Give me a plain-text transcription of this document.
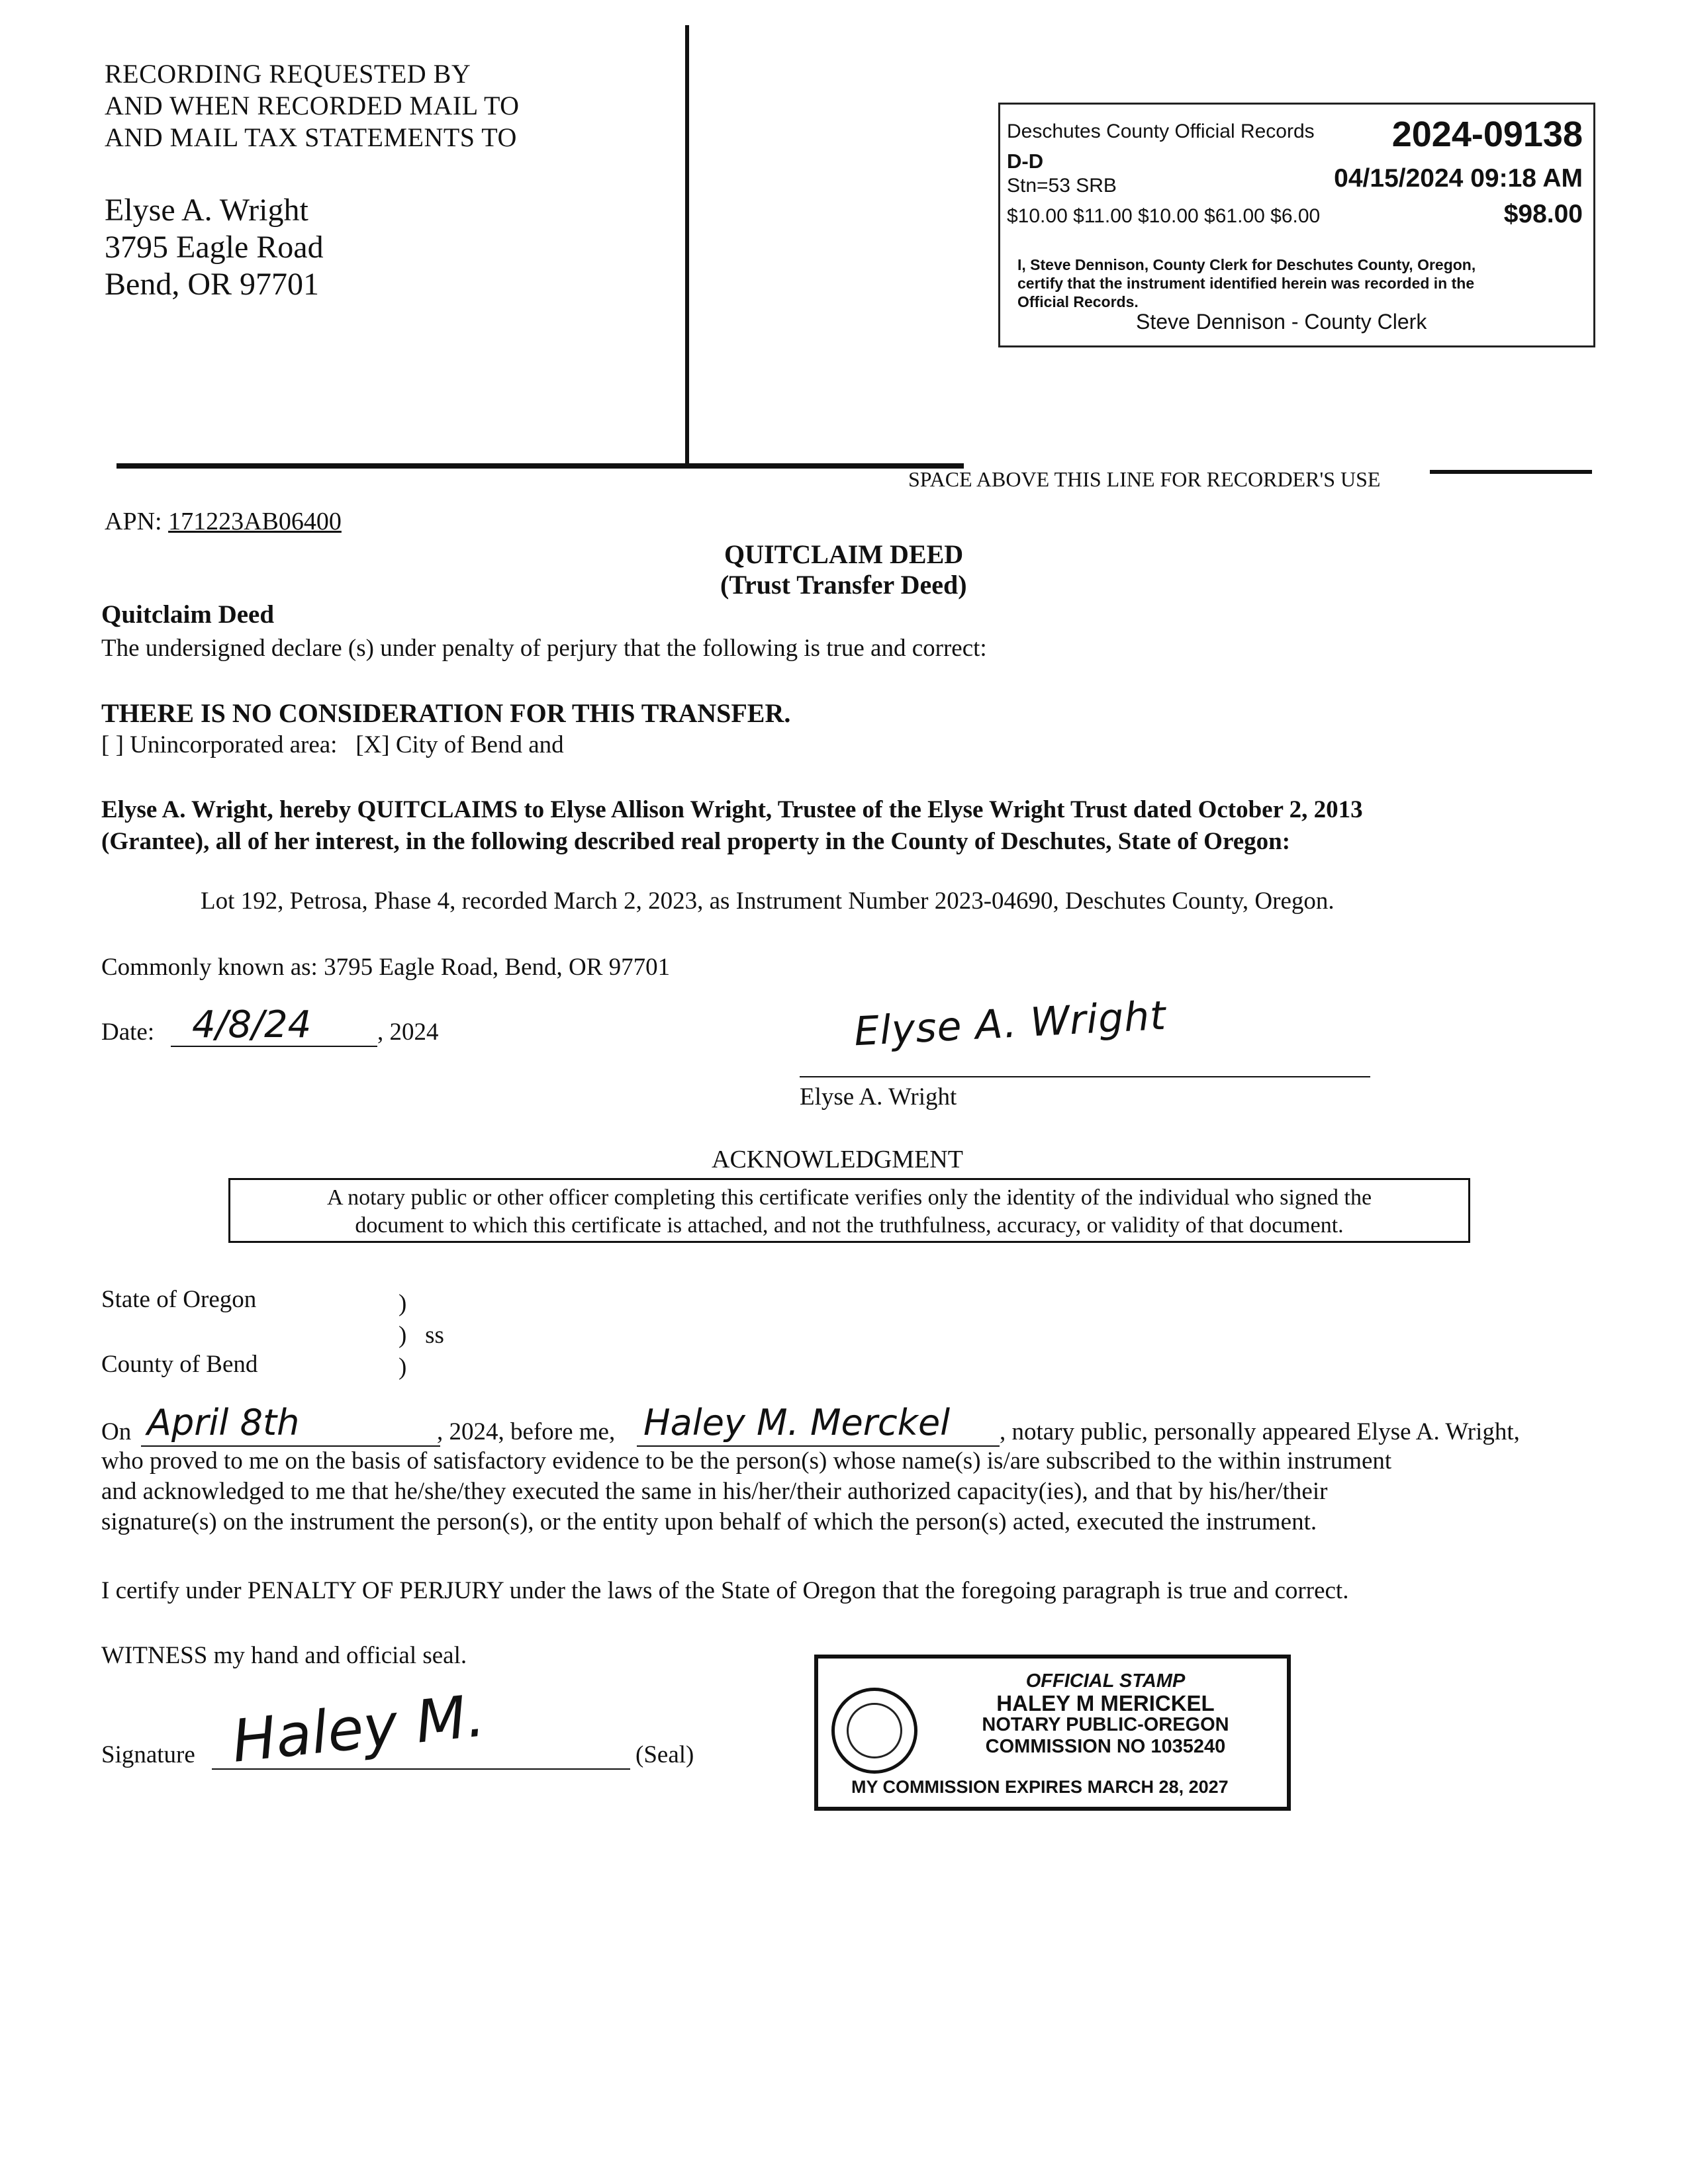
RECORDING REQUESTED BY
AND WHEN RECORDED MAIL TO
AND MAIL TAX STATEMENTS TO
Elyse A. Wright
3795 Eagle Road
Bend, OR 97701
Deschutes County Official Records 2024-09138
D-D
Stn=53 SRB	04/15/2024 09:18 AM
$10.00 $11.00 $10.00 $61.00 $6.00	$98.00
I, Steve Dennison, County Clerk for Deschutes County, Oregon,
certify that the instrument identified herein was recorded in the
Official Records.
Steve Dennison - County Clerk
SPACE ABOVE THIS LINE FOR RECORDER'S USE
APN: 171223AB06400
QUITCLAIM DEED
(Trust Transfer Deed)
Quitclaim Deed
The undersigned declare (s) under penalty of perjury that the following is true and correct:
THERE IS NO CONSIDERATION FOR THIS TRANSFER.
[ ] Unincorporated area:   [X] City of Bend and
Elyse A. Wright, hereby QUITCLAIMS to Elyse Allison Wright, Trustee of the Elyse Wright Trust dated October 2, 2013
(Grantee), all of her interest, in the following described real property in the County of Deschutes, State of Oregon:
Lot 192, Petrosa, Phase 4, recorded March 2, 2023, as Instrument Number 2023-04690, Deschutes County, Oregon.
Commonly known as: 3795 Eagle Road, Bend, OR 97701
Date: 4/8/24	, 2024	Elyse A. Wright
Elyse A. Wright
ACKNOWLEDGMENT
A notary public or other officer completing this certificate verifies only the identity of the individual who signed the
document to which this certificate is attached, and not the truthfulness, accuracy, or validity of that document.
State of Oregon	)
)   ss
County of Bend	)
On April 8th	, 2024, before me, Haley M. Merckel , notary public, personally appeared Elyse A. Wright,
who proved to me on the basis of satisfactory evidence to be the person(s) whose name(s) is/are subscribed to the within instrument
and acknowledged to me that he/she/they executed the same in his/her/their authorized capacity(ies), and that by his/her/their
signature(s) on the instrument the person(s), or the entity upon behalf of which the person(s) acted, executed the instrument.
I certify under PENALTY OF PERJURY under the laws of the State of Oregon that the foregoing paragraph is true and correct.
WITNESS my hand and official seal.
Signature Haley M.	(Seal)
OFFICIAL STAMP
HALEY M MERICKEL
NOTARY PUBLIC-OREGON
COMMISSION NO 1035240
MY COMMISSION EXPIRES MARCH 28, 2027
